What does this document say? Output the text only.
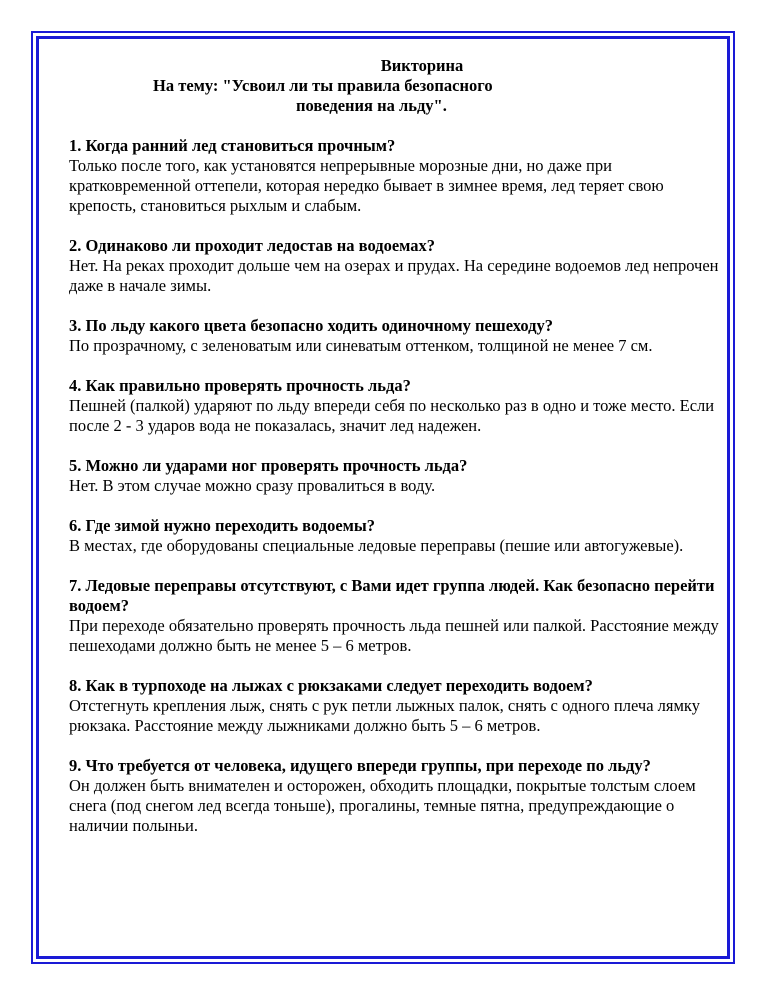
Викторина
На тему: "Усвоил ли ты правила безопасного
поведения на льду".

1. Когда ранний лед становиться прочным?

Только после того, как установятся непрерывные морозные дни, но даже при кратковременной оттепели, которая нередко бывает в зимнее время, лед теряет свою крепость, становиться рыхлым и слабым.

2. Одинаково ли проходит ледостав на водоемах?

Нет. На реках проходит дольше чем на озерах и прудах. На середине водоемов лед непрочен даже в начале зимы.

3. По льду какого цвета безопасно ходить одиночному пешеходу?

По прозрачному, с зеленоватым или синеватым оттенком, толщиной не менее 7 см.

4. Как правильно проверять прочность льда?

Пешней (палкой) ударяют по льду впереди себя по несколько раз в одно и тоже место. Если после 2 - 3 ударов вода не показалась, значит лед надежен.

5. Можно ли ударами ног проверять прочность льда?

Нет. В этом случае можно сразу провалиться в воду.

6. Где зимой нужно переходить водоемы?

В местах, где оборудованы специальные ледовые переправы (пешие или автогужевые).

7. Ледовые переправы отсутствуют, с Вами идет группа людей. Как безопасно перейти водоем?

При переходе обязательно проверять прочность льда пешней или палкой. Расстояние между пешеходами должно быть не менее 5 – 6 метров.

8. Как в турпоходе на лыжах с рюкзаками следует переходить водоем?

Отстегнуть крепления лыж, снять с рук петли лыжных палок, снять с одного плеча лямку рюкзака. Расстояние между лыжниками должно быть 5 – 6 метров.

9. Что требуется от человека, идущего впереди группы, при переходе по льду?

Он должен быть внимателен и осторожен, обходить площадки, покрытые толстым слоем снега (под снегом лед всегда тоньше), прогалины, темные пятна, предупреждающие о наличии полыньи.
